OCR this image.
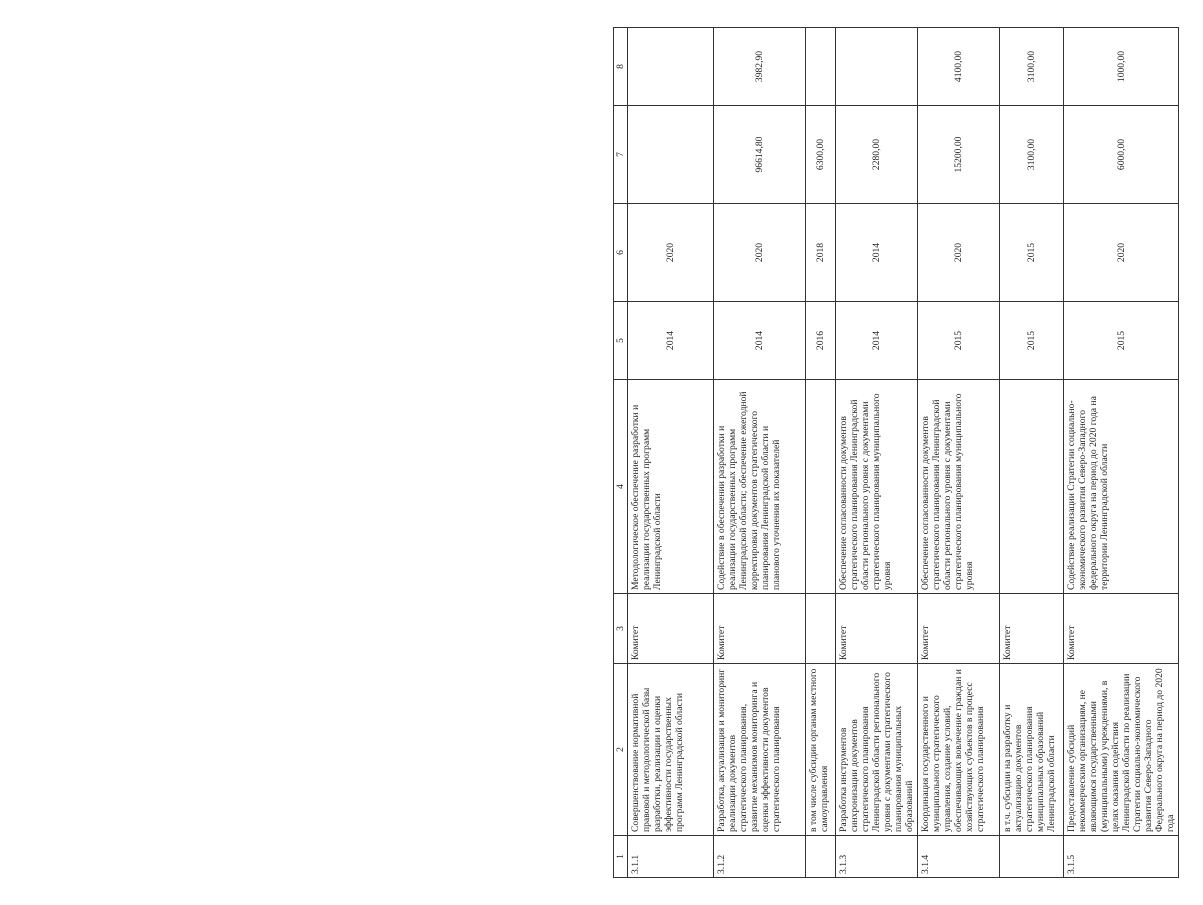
1	2	3	4	5	6	7	8
3.1.1	Совершенствование нормативной правовой и методологической базы разработки, реализации и оценки эффективности государственных программ Ленинградской области	Комитет	Методологическое обеспечение разработки и реализации государственных программ Ленинградской области	2014	2020		
3.1.2	Разработка, актуализация и мониторинг реализации документов стратегического планирования, развитие механизмов мониторинга и оценки эффективности документов стратегического планирования	Комитет	Содействие в обеспечении разработки и реализации государственных программ Ленинградской области; обеспечение ежегодной корректировки документов стратегического планирования Ленинградской области и планового уточнения их показателей	2014	2020	96614,80	3982,90
	в том числе субсидии органам местного самоуправления			2016	2018	6300,00	
3.1.3	Разработка инструментов синхронизации документов стратегического планирования Ленинградской области регионального уровня с документами стратегического планирования муниципальных образований	Комитет	Обеспечение согласованности документов стратегического планирования Ленинградской области регионального уровня с документами стратегического планирования муниципального уровня	2014	2014	2280,00	
3.1.4	Координация государственного и муниципального стратегического управления, создание условий, обеспечивающих вовлечение граждан и хозяйствующих субъектов в процесс стратегического планирования	Комитет	Обеспечение согласованности документов стратегического планирования Ленинградской области регионального уровня с документами стратегического планирования муниципального уровня	2015	2020	15200,00	4100,00
	в т.ч. субсидии на разработку и актуализацию документов стратегического планирования муниципальных образований Ленинградской области	Комитет		2015	2015	3100,00	3100,00
3.1.5	Предоставление субсидий некоммерческим организациям, не являющимся государственными (муниципальными) учреждениями, в целях оказания содействия Ленинградской области по реализации Стратегии социально-экономического развития Северо-Западного Федерального округа на период до 2020 года	Комитет	Содействие реализации Стратегии социально-экономического развития Северо-Западного федерального округа на период до 2020 года на территории Ленинградской области	2015	2020	6000,00	1000,00
